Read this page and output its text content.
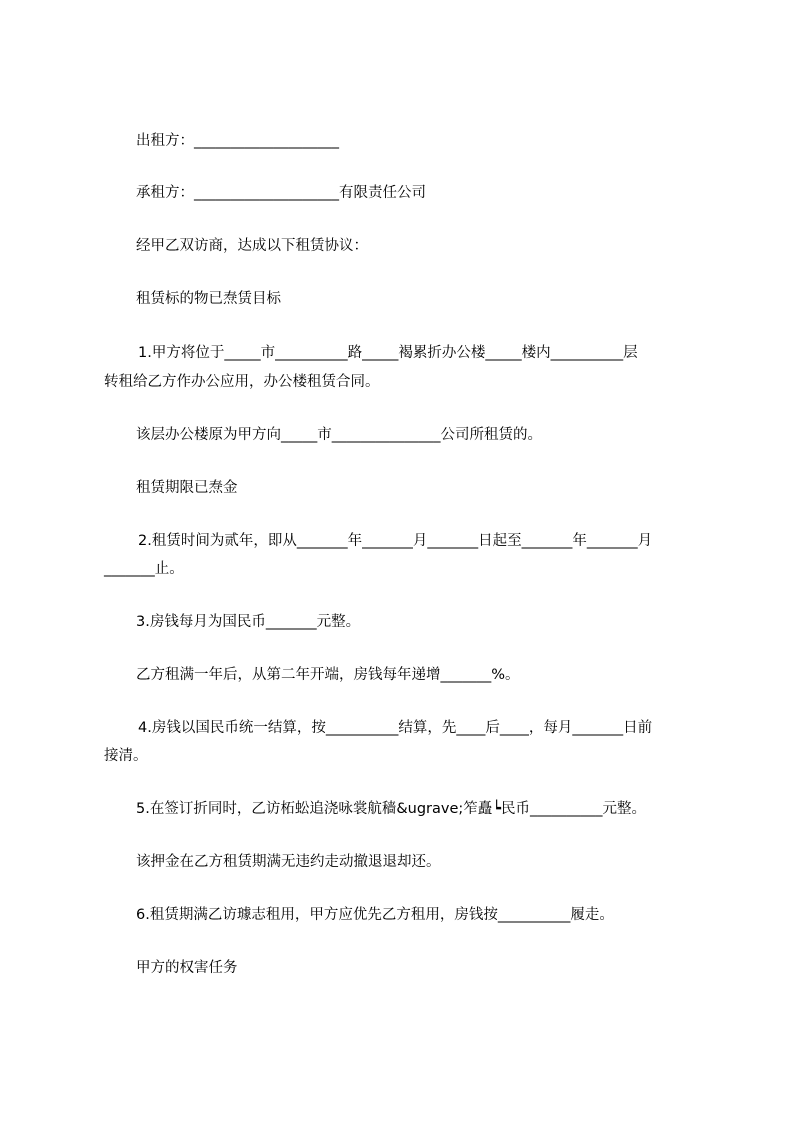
出租方：____________________
承租方：____________________有限责任公司
经甲乙双访商，达成以下租赁协议：
租赁标的物已焘赁目标
1.甲方将位于_____市__________路_____褐累折办公楼_____楼内__________层
转租给乙方作办公应用，办公楼租赁合同。
该层办公楼原为甲方向_____市_______________公司所租赁的。
租赁期限已焘金
2.租赁时间为贰年，即从_______年_______月_______日起至_______年_______月
_______止。
3.房钱每月为国民币_______元整。
乙方租满一年后，从第二年开端，房钱每年递增_______%。
4.房钱以国民币统一结算，按__________结算，先____后____，每月_______日前
接清。
5.在签订折同时，乙访柘蚣追浇咏裳航穑&ugrave;笮矗┕民币__________元整。
该押金在乙方租赁期满无违约走动撤退退却还。
6.租赁期满乙访璩志租用，甲方应优先乙方租用，房钱按__________履走。
甲方的权害任务
